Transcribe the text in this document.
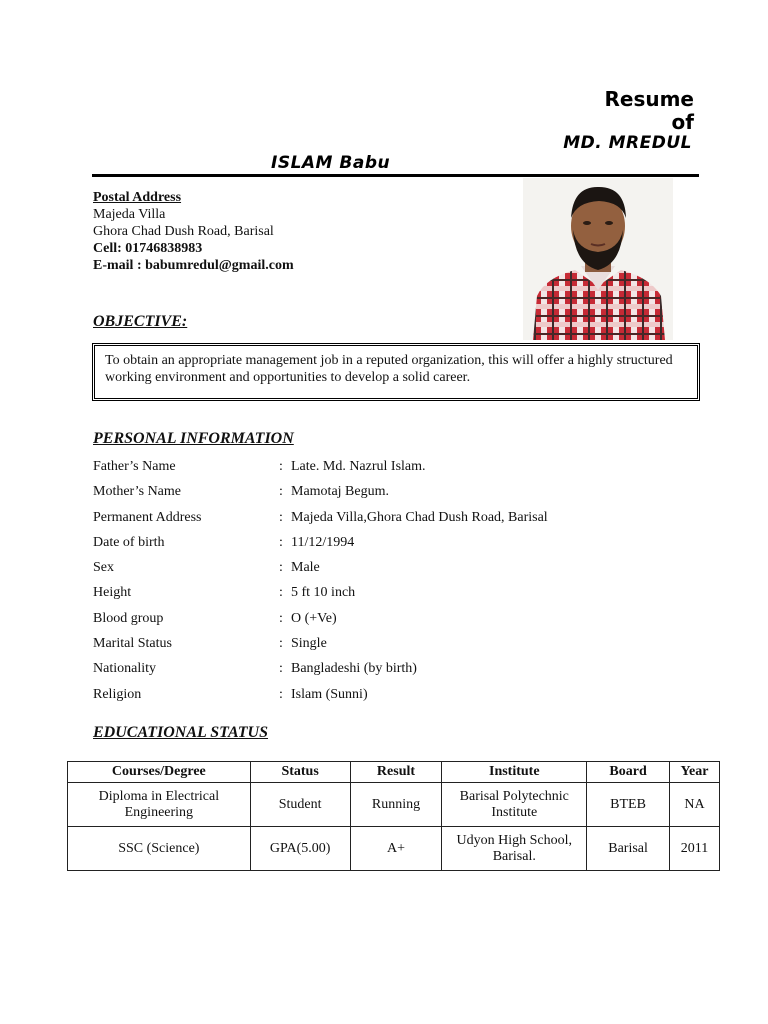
Resume
of
MD. MREDUL
ISLAM Babu
Postal Address
Majeda Villa
Ghora Chad Dush Road, Barisal
Cell: 01746838983
E-mail : babumredul@gmail.com
OBJECTIVE:
To obtain an appropriate management job in a reputed organization, this will offer a highly structured working environment and opportunities to develop a solid career.
PERSONAL INFORMATION
Father’s Name	: Late. Md. Nazrul Islam.
Mother’s Name	: Mamotaj Begum.
Permanent Address	: Majeda Villa,Ghora Chad Dush Road, Barisal
Date of birth	: 11/12/1994
Sex	: Male
Height	: 5 ft 10 inch
Blood group	: O (+Ve)
Marital Status	: Single
Nationality	: Bangladeshi (by birth)
Religion	: Islam (Sunni)
EDUCATIONAL STATUS
Courses/Degree	Status	Result	Institute	Board	Year
Diploma in Electrical Engineering	Student	Running	Barisal Polytechnic Institute	BTEB	NA
SSC (Science)	GPA(5.00)	A+	Udyon High School, Barisal.	Barisal	2011
